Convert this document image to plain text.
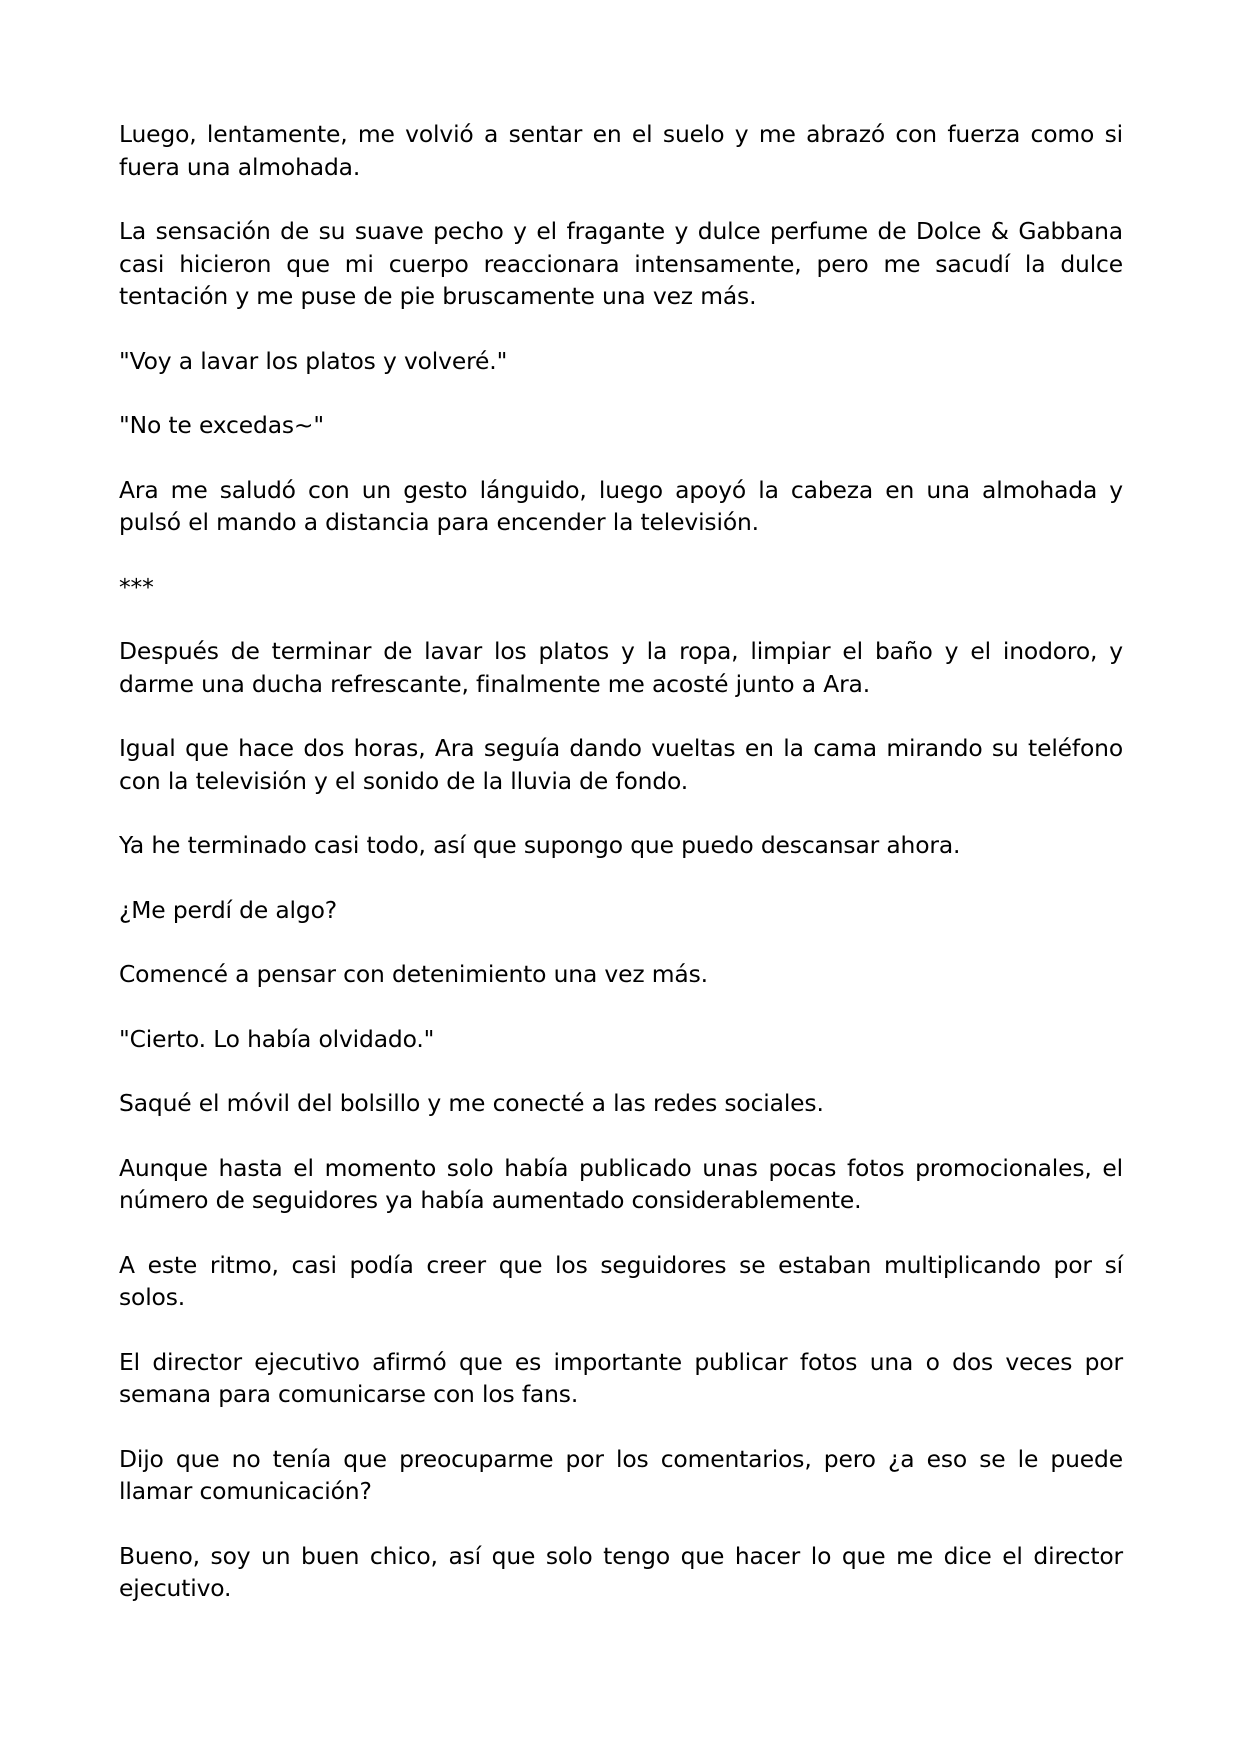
Luego, lentamente, me volvió a sentar en el suelo y me abrazó con fuerza como si fuera una almohada.

La sensación de su suave pecho y el fragante y dulce perfume de Dolce & Gabbana casi hicieron que mi cuerpo reaccionara intensamente, pero me sacudí la dulce tentación y me puse de pie bruscamente una vez más.

"Voy a lavar los platos y volveré."

"No te excedas~"

Ara me saludó con un gesto lánguido, luego apoyó la cabeza en una almohada y pulsó el mando a distancia para encender la televisión.

***

Después de terminar de lavar los platos y la ropa, limpiar el baño y el inodoro, y darme una ducha refrescante, finalmente me acosté junto a Ara.

Igual que hace dos horas, Ara seguía dando vueltas en la cama mirando su teléfono con la televisión y el sonido de la lluvia de fondo.

Ya he terminado casi todo, así que supongo que puedo descansar ahora.

¿Me perdí de algo?

Comencé a pensar con detenimiento una vez más.

"Cierto. Lo había olvidado."

Saqué el móvil del bolsillo y me conecté a las redes sociales.

Aunque hasta el momento solo había publicado unas pocas fotos promocionales, el número de seguidores ya había aumentado considerablemente.

A este ritmo, casi podía creer que los seguidores se estaban multiplicando por sí solos.

El director ejecutivo afirmó que es importante publicar fotos una o dos veces por semana para comunicarse con los fans.

Dijo que no tenía que preocuparme por los comentarios, pero ¿a eso se le puede llamar comunicación?

Bueno, soy un buen chico, así que solo tengo que hacer lo que me dice el director ejecutivo.
